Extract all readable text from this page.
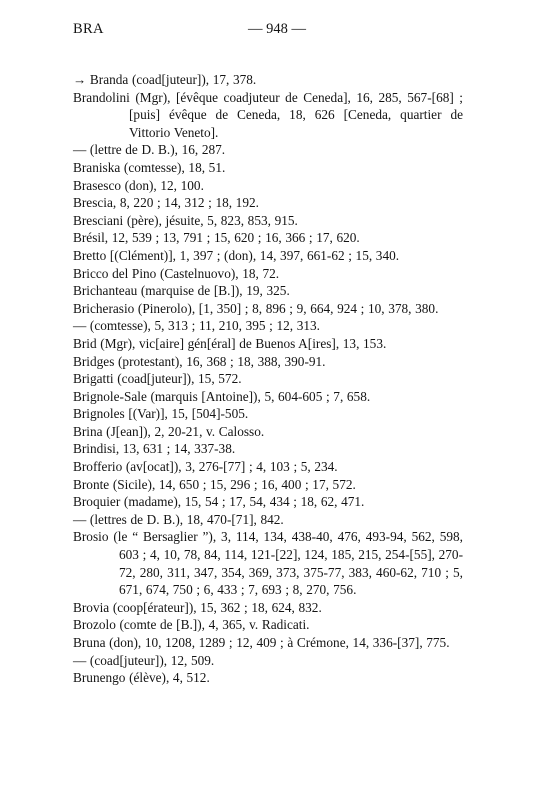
BRA	— 948 —
→ Branda (coad[juteur]), 17, 378.
Brandolini (Mgr), [évêque coadjuteur de Ceneda], 16, 285, 567-[68] ; [puis] évêque de Ceneda, 18, 626 [Ceneda, quartier de Vittorio Veneto].
— (lettre de D. B.), 16, 287.
Braniska (comtesse), 18, 51.
Brasesco (don), 12, 100.
Brescia, 8, 220 ; 14, 312 ; 18, 192.
Bresciani (père), jésuite, 5, 823, 853, 915.
Brésil, 12, 539 ; 13, 791 ; 15, 620 ; 16, 366 ; 17, 620.
Bretto [(Clément)], 1, 397 ; (don), 14, 397, 661-62 ; 15, 340.
Bricco del Pino (Castelnuovo), 18, 72.
Brichanteau (marquise de [B.]), 19, 325.
Bricherasio (Pinerolo), [1, 350] ; 8, 896 ; 9, 664, 924 ; 10, 378, 380.
— (comtesse), 5, 313 ; 11, 210, 395 ; 12, 313.
Brid (Mgr), vic[aire] gén[éral] de Buenos A[ires], 13, 153.
Bridges (protestant), 16, 368 ; 18, 388, 390-91.
Brigatti (coad[juteur]), 15, 572.
Brignole-Sale (marquis [Antoine]), 5, 604-605 ; 7, 658.
Brignoles [(Var)], 15, [504]-505.
Brina (J[ean]), 2, 20-21, v. Calosso.
Brindisi, 13, 631 ; 14, 337-38.
Brofferio (av[ocat]), 3, 276-[77] ; 4, 103 ; 5, 234.
Bronte (Sicile), 14, 650 ; 15, 296 ; 16, 400 ; 17, 572.
Broquier (madame), 15, 54 ; 17, 54, 434 ; 18, 62, 471.
— (lettres de D. B.), 18, 470-[71], 842.
Brosio (le “ Bersaglier ”), 3, 114, 134, 438-40, 476, 493-94, 562, 598, 603 ; 4, 10, 78, 84, 114, 121-[22], 124, 185, 215, 254-[55], 270-72, 280, 311, 347, 354, 369, 373, 375-77, 383, 460-62, 710 ; 5, 671, 674, 750 ; 6, 433 ; 7, 693 ; 8, 270, 756.
Brovia (coop[érateur]), 15, 362 ; 18, 624, 832.
Brozolo (comte de [B.]), 4, 365, v. Radicati.
Bruna (don), 10, 1208, 1289 ; 12, 409 ; à Crémone, 14, 336-[37], 775.
— (coad[juteur]), 12, 509.
Brunengo (élève), 4, 512.
